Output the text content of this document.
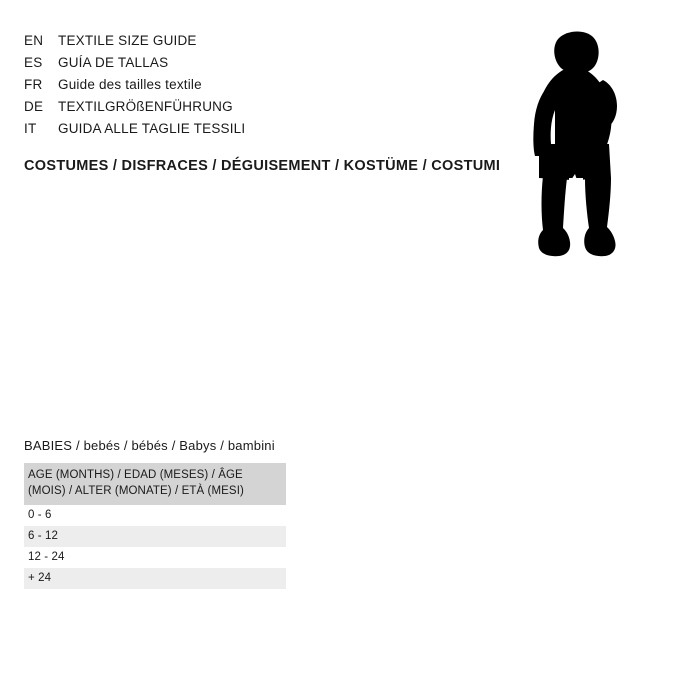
EN	TEXTILE SIZE GUIDE
ES	GUÍA DE TALLAS
FR	Guide des tailles textile
DE	TEXTILGRÖßENFÜHRUNG
IT	GUIDA ALLE TAGLIE TESSILI
COSTUMES / DISFRACES / DÉGUISEMENT / KOSTÜME / COSTUMI
BABIES / bebés / bébés / Babys / bambini
AGE (MONTHS) / EDAD (MESES) / ÂGE (MOIS) / ALTER (MONATE) / ETÀ (MESI)
0 - 6
6 - 12
12 - 24
+ 24
